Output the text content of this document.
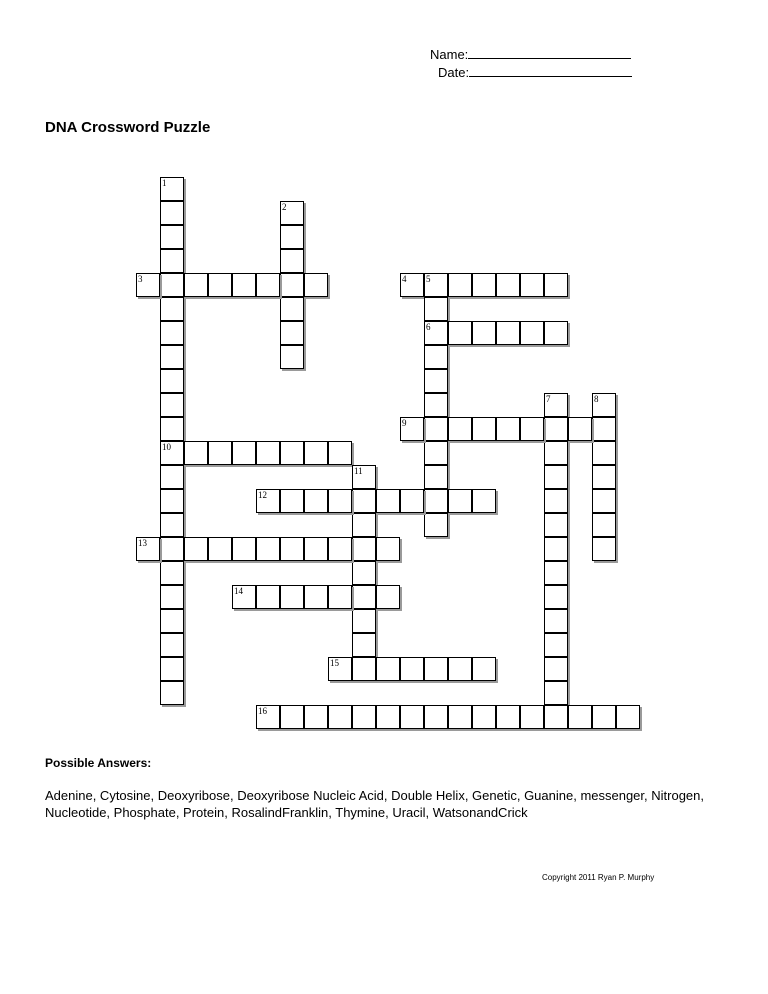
Name:
Date:
DNA Crossword Puzzle
1
10
2
3	4 5
6
7	8
9
11
12
13
14
15
16
Possible Answers:
Adenine, Cytosine, Deoxyribose, Deoxyribose Nucleic Acid, Double Helix, Genetic, Guanine, messenger, Nitrogen, Nucleotide, Phosphate, Protein, RosalindFranklin, Thymine, Uracil, WatsonandCrick
Copyright 2011 Ryan P. Murphy
